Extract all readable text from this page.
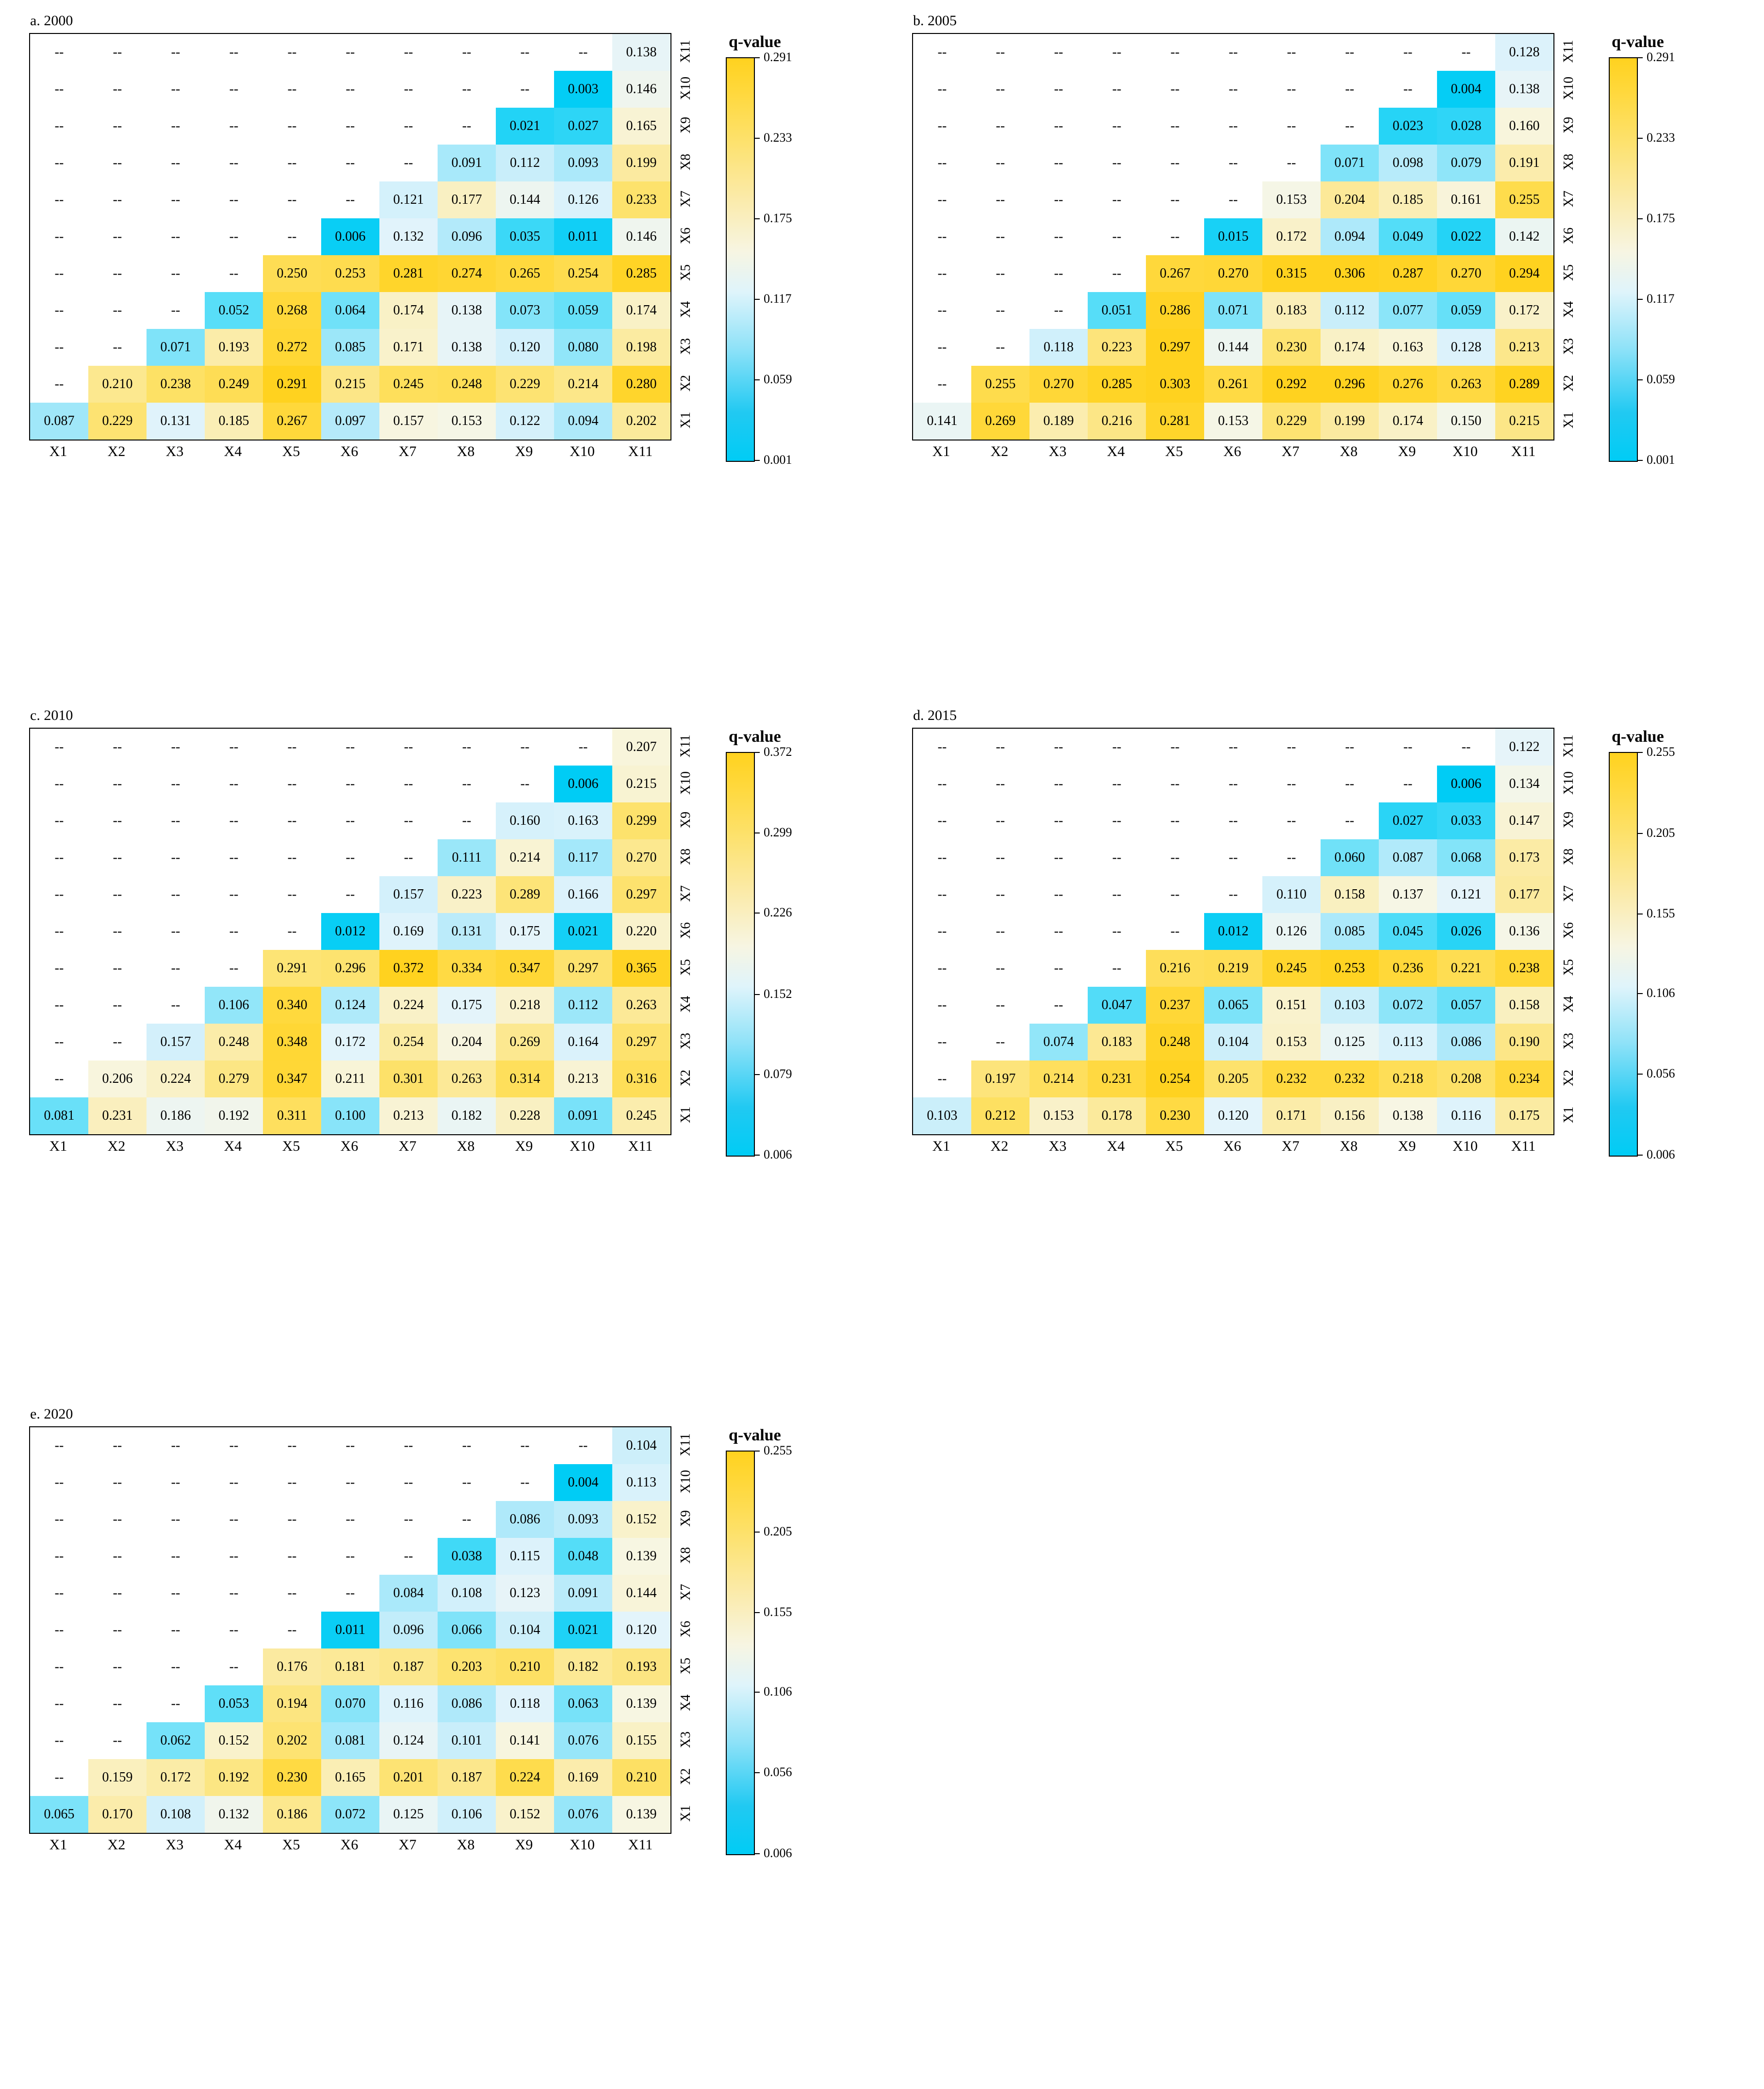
a. 2000
--	--	--	--	--	--	--	--	--	--	0.138
--	--	--	--	--	--	--	--	--	0.003	0.146
--	--	--	--	--	--	--	--	0.021	0.027	0.165
--	--	--	--	--	--	--	0.091	0.112	0.093	0.199
--	--	--	--	--	--	0.121	0.177	0.144	0.126	0.233
--	--	--	--	--	0.006	0.132	0.096	0.035	0.011	0.146
--	--	--	--	0.250	0.253	0.281	0.274	0.265	0.254	0.285
--	--	--	0.052	0.268	0.064	0.174	0.138	0.073	0.059	0.174
--	--	0.071	0.193	0.272	0.085	0.171	0.138	0.120	0.080	0.198
--	0.210	0.238	0.249	0.291	0.215	0.245	0.248	0.229	0.214	0.280
0.087	0.229	0.131	0.185	0.267	0.097	0.157	0.153	0.122	0.094	0.202
X11
X10
X9
X8
X7
X6
X5
X4
X3
X2
X1
X1	X2	X3	X4	X5	X6	X7	X8	X9	X10	X11
q-value
0.001
0.059
0.117
0.175
0.233
0.291
b. 2005
--	--	--	--	--	--	--	--	--	--	0.128
--	--	--	--	--	--	--	--	--	0.004	0.138
--	--	--	--	--	--	--	--	0.023	0.028	0.160
--	--	--	--	--	--	--	0.071	0.098	0.079	0.191
--	--	--	--	--	--	0.153	0.204	0.185	0.161	0.255
--	--	--	--	--	0.015	0.172	0.094	0.049	0.022	0.142
--	--	--	--	0.267	0.270	0.315	0.306	0.287	0.270	0.294
--	--	--	0.051	0.286	0.071	0.183	0.112	0.077	0.059	0.172
--	--	0.118	0.223	0.297	0.144	0.230	0.174	0.163	0.128	0.213
--	0.255	0.270	0.285	0.303	0.261	0.292	0.296	0.276	0.263	0.289
0.141	0.269	0.189	0.216	0.281	0.153	0.229	0.199	0.174	0.150	0.215
X11
X10
X9
X8
X7
X6
X5
X4
X3
X2
X1
X1	X2	X3	X4	X5	X6	X7	X8	X9	X10	X11
q-value
0.001
0.059
0.117
0.175
0.233
0.291
c. 2010
--	--	--	--	--	--	--	--	--	--	0.207
--	--	--	--	--	--	--	--	--	0.006	0.215
--	--	--	--	--	--	--	--	0.160	0.163	0.299
--	--	--	--	--	--	--	0.111	0.214	0.117	0.270
--	--	--	--	--	--	0.157	0.223	0.289	0.166	0.297
--	--	--	--	--	0.012	0.169	0.131	0.175	0.021	0.220
--	--	--	--	0.291	0.296	0.372	0.334	0.347	0.297	0.365
--	--	--	0.106	0.340	0.124	0.224	0.175	0.218	0.112	0.263
--	--	0.157	0.248	0.348	0.172	0.254	0.204	0.269	0.164	0.297
--	0.206	0.224	0.279	0.347	0.211	0.301	0.263	0.314	0.213	0.316
0.081	0.231	0.186	0.192	0.311	0.100	0.213	0.182	0.228	0.091	0.245
X11
X10
X9
X8
X7
X6
X5
X4
X3
X2
X1
X1	X2	X3	X4	X5	X6	X7	X8	X9	X10	X11
q-value
0.006
0.079
0.152
0.226
0.299
0.372
d. 2015
--	--	--	--	--	--	--	--	--	--	0.122
--	--	--	--	--	--	--	--	--	0.006	0.134
--	--	--	--	--	--	--	--	0.027	0.033	0.147
--	--	--	--	--	--	--	0.060	0.087	0.068	0.173
--	--	--	--	--	--	0.110	0.158	0.137	0.121	0.177
--	--	--	--	--	0.012	0.126	0.085	0.045	0.026	0.136
--	--	--	--	0.216	0.219	0.245	0.253	0.236	0.221	0.238
--	--	--	0.047	0.237	0.065	0.151	0.103	0.072	0.057	0.158
--	--	0.074	0.183	0.248	0.104	0.153	0.125	0.113	0.086	0.190
--	0.197	0.214	0.231	0.254	0.205	0.232	0.232	0.218	0.208	0.234
0.103	0.212	0.153	0.178	0.230	0.120	0.171	0.156	0.138	0.116	0.175
X11
X10
X9
X8
X7
X6
X5
X4
X3
X2
X1
X1	X2	X3	X4	X5	X6	X7	X8	X9	X10	X11
q-value
0.006
0.056
0.106
0.155
0.205
0.255
e. 2020
--	--	--	--	--	--	--	--	--	--	0.104
--	--	--	--	--	--	--	--	--	0.004	0.113
--	--	--	--	--	--	--	--	0.086	0.093	0.152
--	--	--	--	--	--	--	0.038	0.115	0.048	0.139
--	--	--	--	--	--	0.084	0.108	0.123	0.091	0.144
--	--	--	--	--	0.011	0.096	0.066	0.104	0.021	0.120
--	--	--	--	0.176	0.181	0.187	0.203	0.210	0.182	0.193
--	--	--	0.053	0.194	0.070	0.116	0.086	0.118	0.063	0.139
--	--	0.062	0.152	0.202	0.081	0.124	0.101	0.141	0.076	0.155
--	0.159	0.172	0.192	0.230	0.165	0.201	0.187	0.224	0.169	0.210
0.065	0.170	0.108	0.132	0.186	0.072	0.125	0.106	0.152	0.076	0.139
X11
X10
X9
X8
X7
X6
X5
X4
X3
X2
X1
X1	X2	X3	X4	X5	X6	X7	X8	X9	X10	X11
q-value
0.006
0.056
0.106
0.155
0.205
0.255
